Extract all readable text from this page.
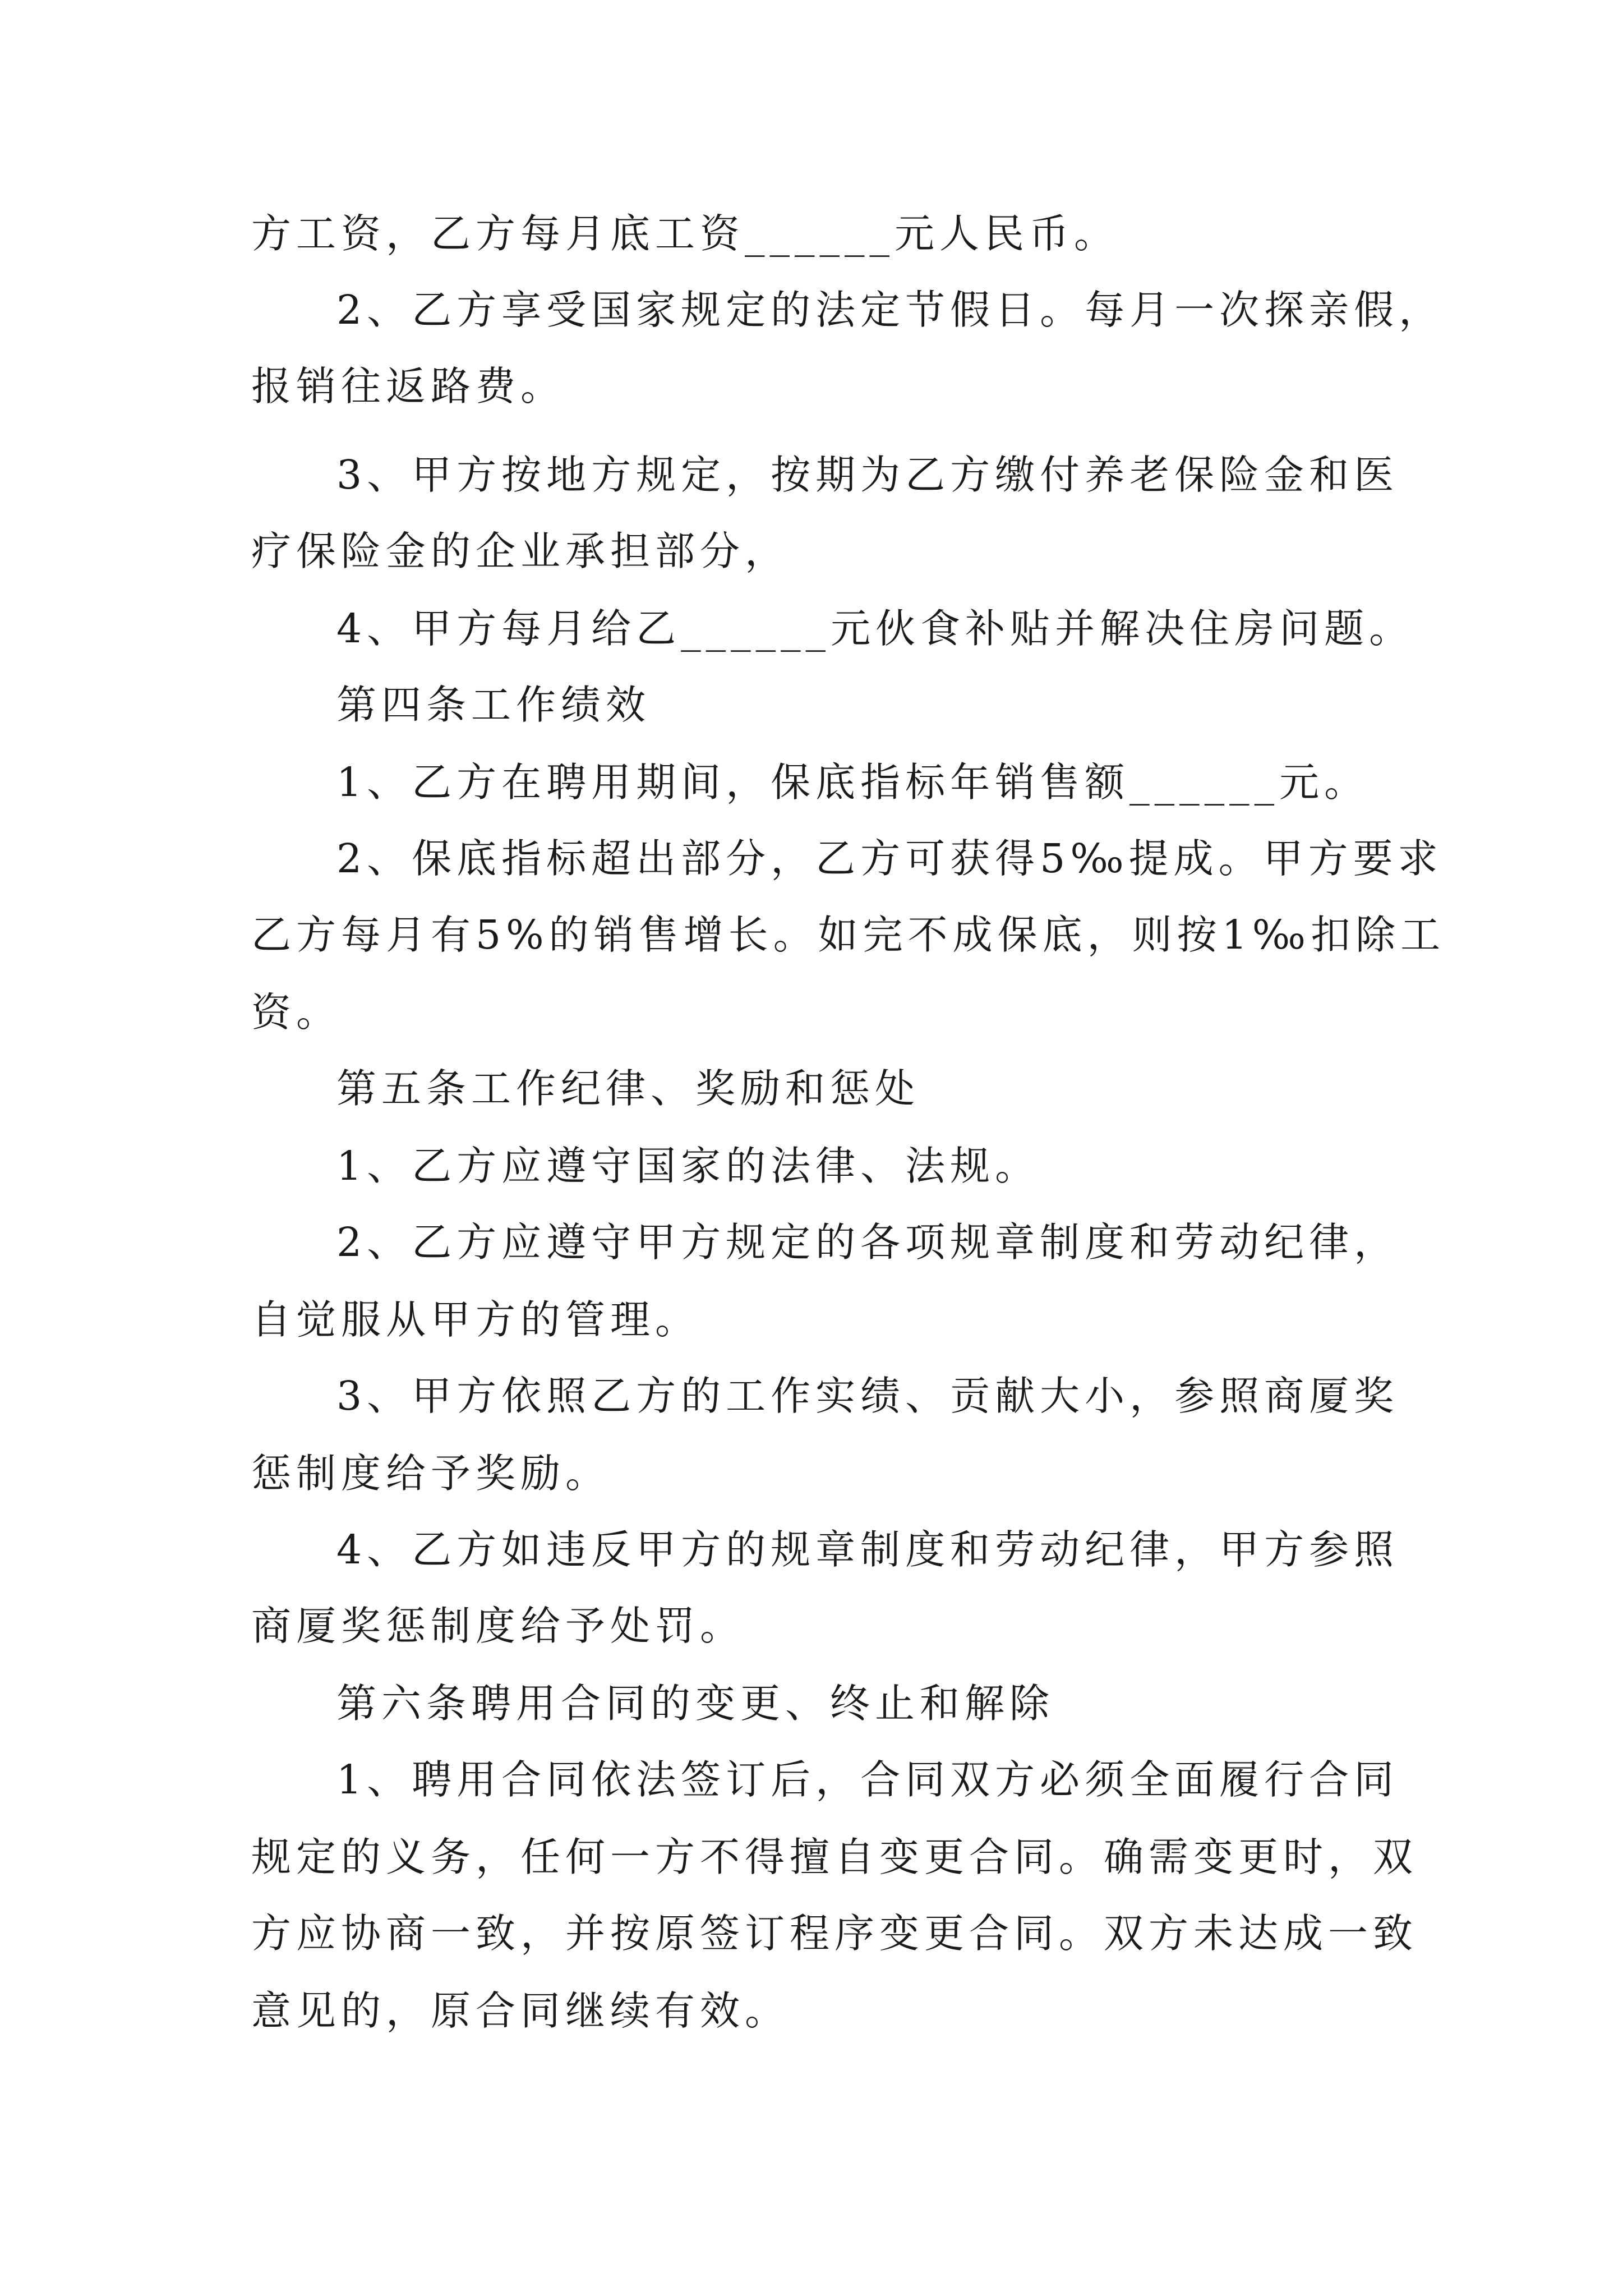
方工资，乙方每月底工资______元人民币。
2、乙方享受国家规定的法定节假日。每月一次探亲假，
报销往返路费。
3、甲方按地方规定，按期为乙方缴付养老保险金和医
疗保险金的企业承担部分，
4、甲方每月给乙______元伙食补贴并解决住房问题。
第四条工作绩效
1、乙方在聘用期间，保底指标年销售额______元。
2、保底指标超出部分，乙方可获得5‰提成。甲方要求
乙方每月有5%的销售增长。如完不成保底，则按1‰扣除工
资。
第五条工作纪律、奖励和惩处
1、乙方应遵守国家的法律、法规。
2、乙方应遵守甲方规定的各项规章制度和劳动纪律，
自觉服从甲方的管理。
3、甲方依照乙方的工作实绩、贡献大小，参照商厦奖
惩制度给予奖励。
4、乙方如违反甲方的规章制度和劳动纪律，甲方参照
商厦奖惩制度给予处罚。
第六条聘用合同的变更、终止和解除
1、聘用合同依法签订后，合同双方必须全面履行合同
规定的义务，任何一方不得擅自变更合同。确需变更时，双
方应协商一致，并按原签订程序变更合同。双方未达成一致
意见的，原合同继续有效。
